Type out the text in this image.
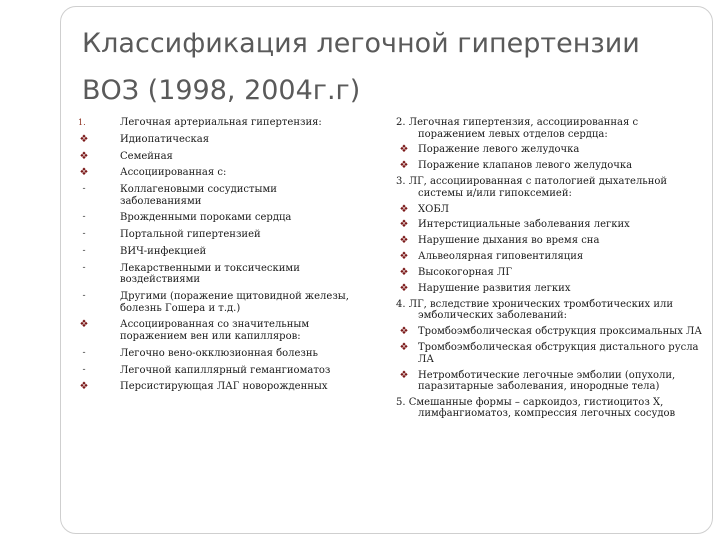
Классификация легочной гипертензии ВОЗ (1998, 2004г.г)
1.	Легочная артериальная гипертензия:
❖	Идиопатическая
❖	Семейная
❖	Ассоциированная с:
-	Коллагеновыми сосудистыми заболеваниями
-	Врожденными пороками сердца
-	Портальной гипертензией
-	ВИЧ-инфекцией
-	Лекарственными и токсическими воздействиями
-	Другими (поражение щитовидной железы, болезнь Гошера и т.д.)
❖	Ассоциированная со значительным поражением вен или капилляров:
-	Легочно вено-окклюзионная болезнь
-	Легочной капиллярный гемангиоматоз
❖	Персистирующая ЛАГ новорожденных
2. Легочная гипертензия, ассоциированная с поражением левых отделов сердца:
❖ Поражение левого желудочка
❖ Поражение клапанов левого желудочка
3. ЛГ, ассоциированная с патологией дыхательной системы и/или гипоксемией:
❖ ХОБЛ
❖ Интерстициальные заболевания легких
❖ Нарушение дыхания во время сна
❖ Альвеолярная гиповентиляция
❖ Высокогорная ЛГ
❖ Нарушение развития легких
4. ЛГ, вследствие хронических тромботических или эмболических заболеваний:
❖ Тромбоэмболическая обструкция проксимальных ЛА
❖ Тромбоэмболическая обструкция дистального русла ЛА
❖ Нетромботические легочные эмболии (опухоли, паразитарные заболевания, инородные тела)
5. Смешанные формы – саркоидоз, гистиоцитоз X, лимфангиоматоз, компрессия легочных сосудов
